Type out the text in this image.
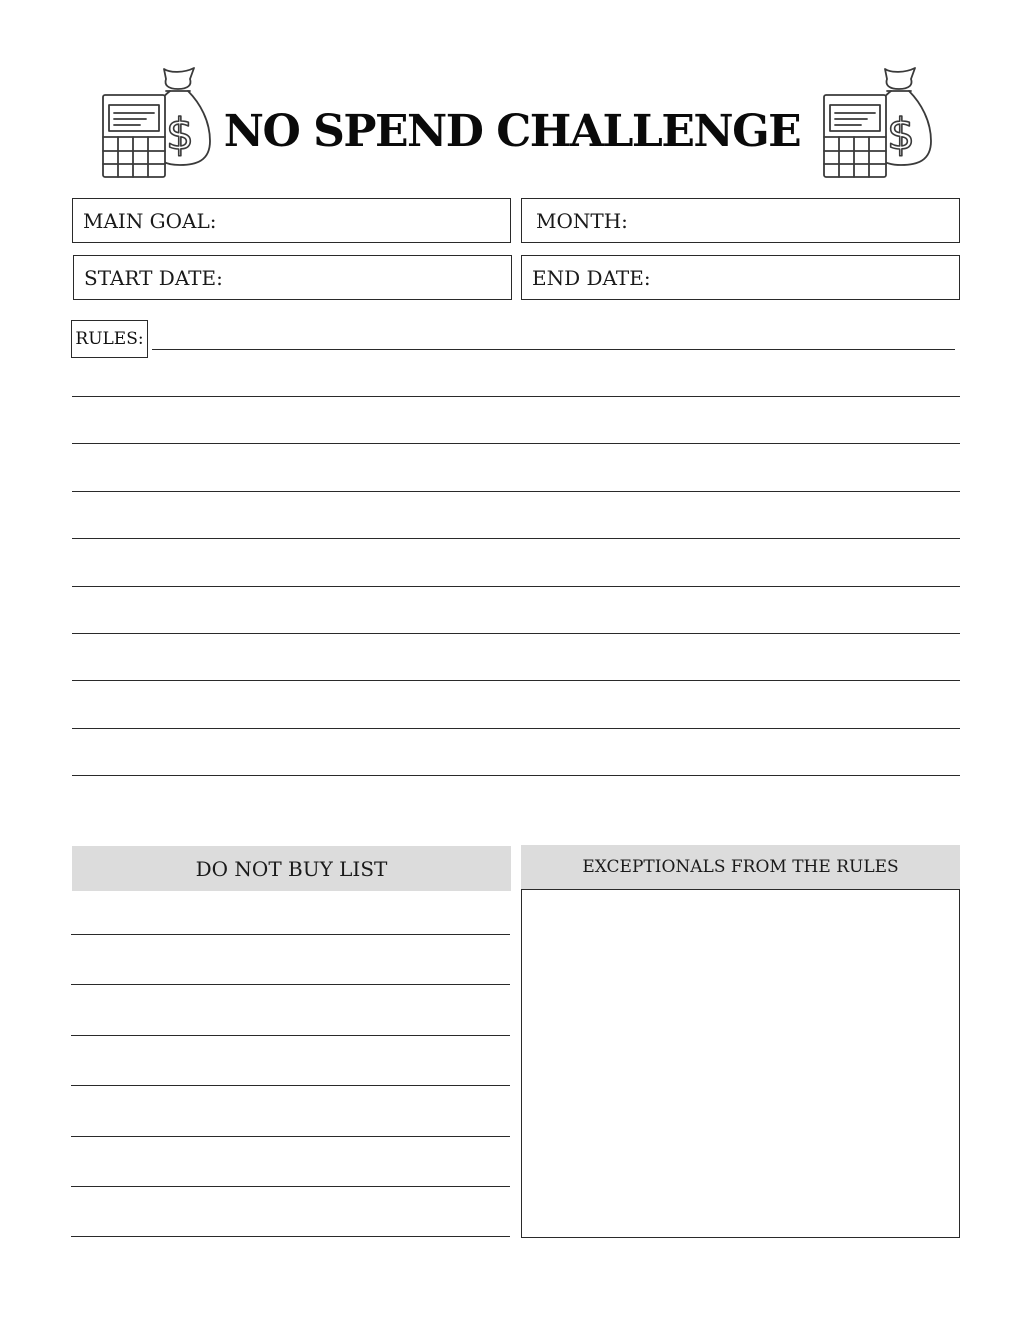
$ NO SPEND CHALLENGE	$
MAIN GOAL:	MONTH:
START DATE:	END DATE:
RULES:
DO NOT BUY LIST	EXCEPTIONALS FROM THE RULES
